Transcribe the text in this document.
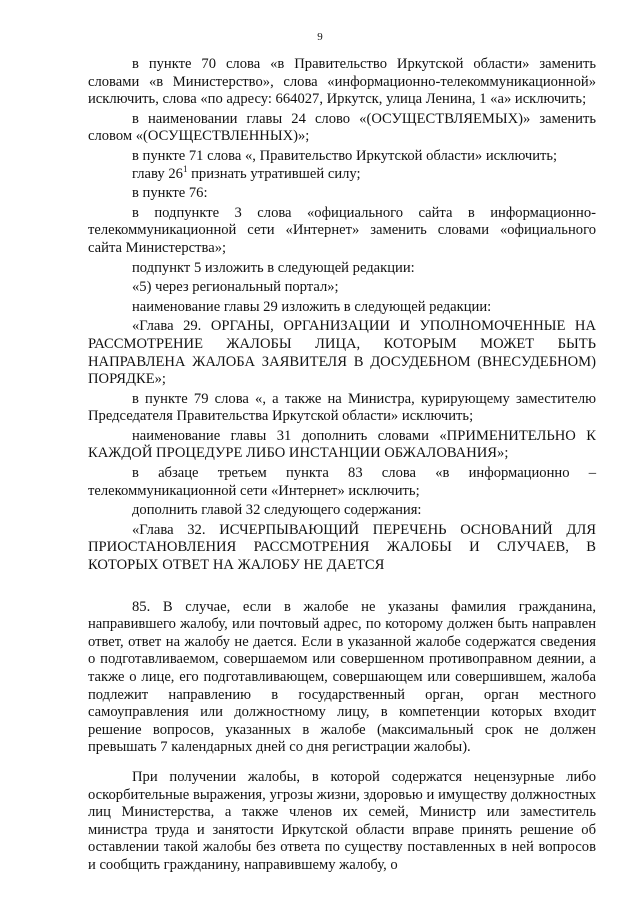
9

в пункте 70 слова «в Правительство Иркутской области» заменить словами «в Министерство», слова «информационно-телекоммуникационной» исключить, слова «по адресу: 664027, Иркутск, улица Ленина, 1 «а» исключить;

в наименовании главы 24 слово «(ОСУЩЕСТВЛЯЕМЫХ)» заменить словом «(ОСУЩЕСТВЛЕННЫХ)»;

в пункте 71 слова «, Правительство Иркутской области» исключить;

главу $26^1$ признать утратившей силу;

в пункте 76:

в подпункте 3 слова «официального сайта в информационно-телекоммуникационной сети «Интернет» заменить словами «официального сайта Министерства»;

подпункт 5 изложить в следующей редакции:

«5) через региональный портал»;

наименование главы 29 изложить в следующей редакции:

«Глава 29. ОРГАНЫ, ОРГАНИЗАЦИИ И УПОЛНОМОЧЕННЫЕ НА РАССМОТРЕНИЕ ЖАЛОБЫ ЛИЦА, КОТОРЫМ МОЖЕТ БЫТЬ НАПРАВЛЕНА ЖАЛОБА ЗАЯВИТЕЛЯ В ДОСУДЕБНОМ (ВНЕСУДЕБНОМ) ПОРЯДКЕ»;

в пункте 79 слова «, а также на Министра, курирующему заместителю Председателя Правительства Иркутской области» исключить;

наименование главы 31 дополнить словами «ПРИМЕНИТЕЛЬНО К КАЖДОЙ ПРОЦЕДУРЕ ЛИБО ИНСТАНЦИИ ОБЖАЛОВАНИЯ»;

в абзаце третьем пункта 83 слова «в информационно – телекоммуникационной сети «Интернет» исключить;

дополнить главой 32 следующего содержания:

«Глава 32. ИСЧЕРПЫВАЮЩИЙ ПЕРЕЧЕНЬ ОСНОВАНИЙ ДЛЯ ПРИОСТАНОВЛЕНИЯ РАССМОТРЕНИЯ ЖАЛОБЫ И СЛУЧАЕВ, В КОТОРЫХ ОТВЕТ НА ЖАЛОБУ НЕ ДАЕТСЯ

85. В случае, если в жалобе не указаны фамилия гражданина, направившего жалобу, или почтовый адрес, по которому должен быть направлен ответ, ответ на жалобу не дается. Если в указанной жалобе содержатся сведения о подготавливаемом, совершаемом или совершенном противоправном деянии, а также о лице, его подготавливающем, совершающем или совершившем, жалоба подлежит направлению в государственный орган, орган местного самоуправления или должностному лицу, в компетенции которых входит решение вопросов, указанных в жалобе (максимальный срок не должен превышать 7 календарных дней со дня регистрации жалобы).

При получении жалобы, в которой содержатся нецензурные либо оскорбительные выражения, угрозы жизни, здоровью и имуществу должностных лиц Министерства, а также членов их семей, Министр или заместитель министра труда и занятости Иркутской области вправе принять решение об оставлении такой жалобы без ответа по существу поставленных в ней вопросов и сообщить гражданину, направившему жалобу, о
